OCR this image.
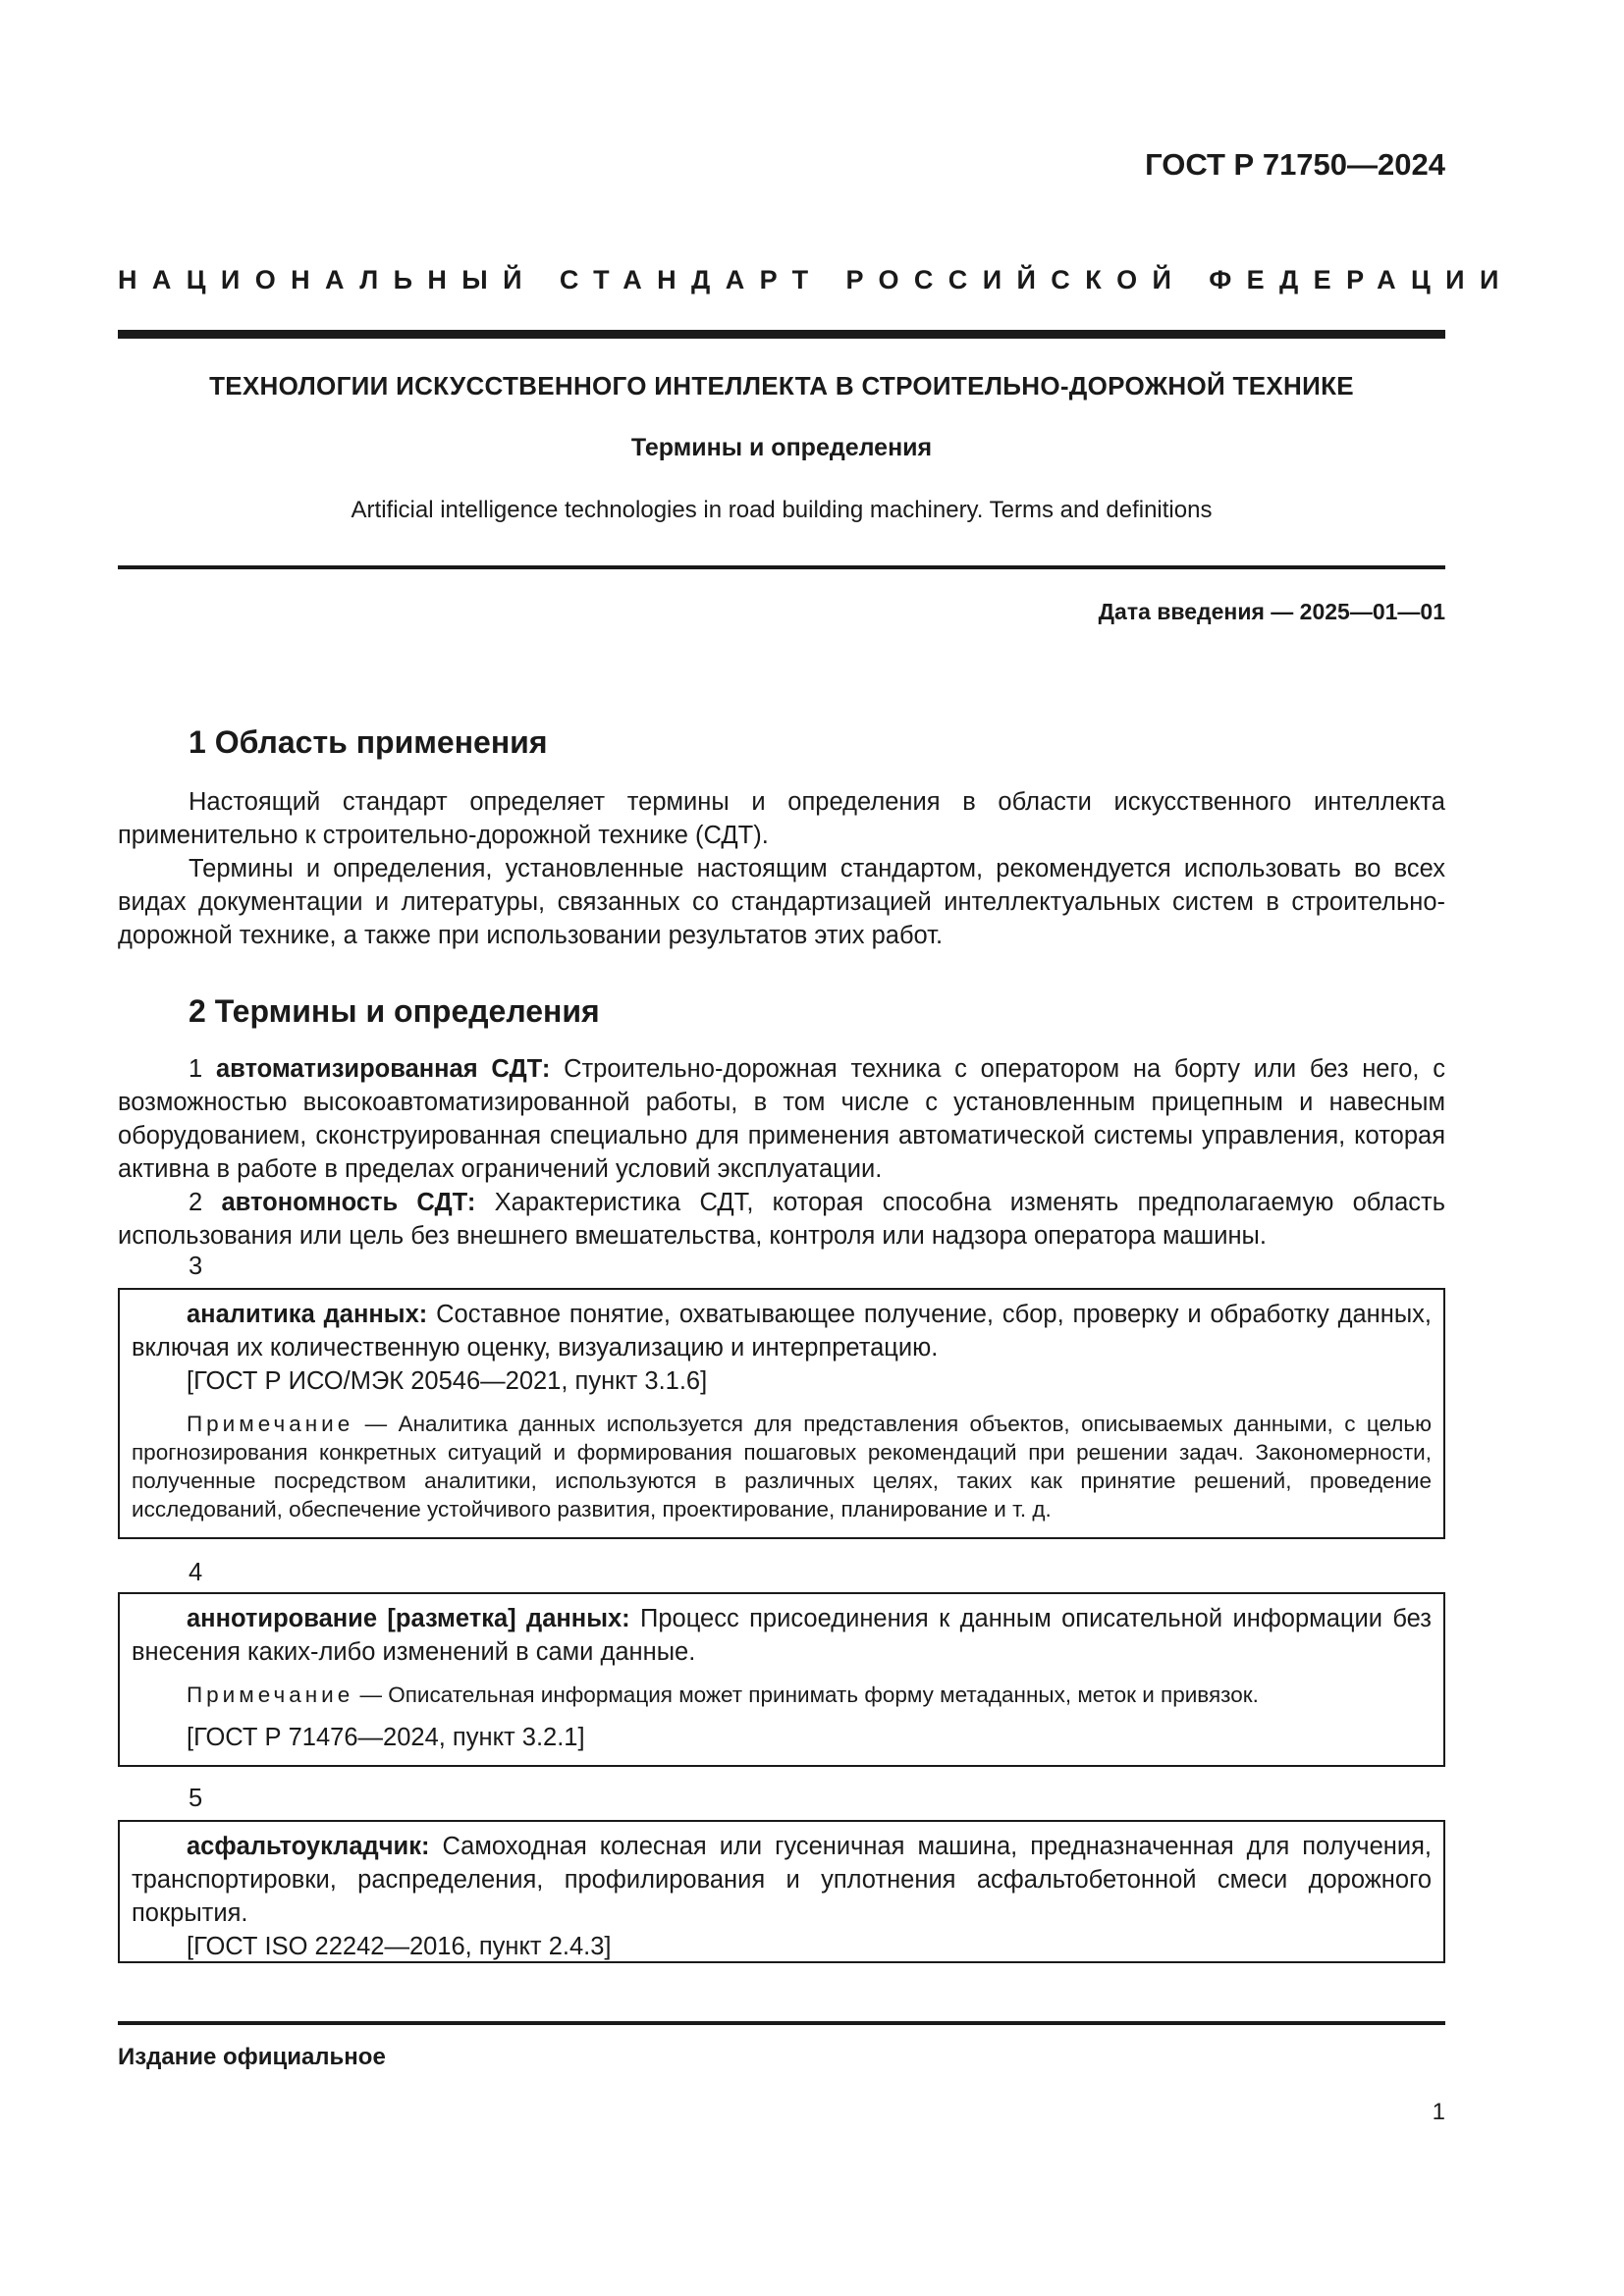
ГОСТ Р 71750—2024
НАЦИОНАЛЬНЫЙ СТАНДАРТ РОССИЙСКОЙ ФЕДЕРАЦИИ
ТЕХНОЛОГИИ ИСКУССТВЕННОГО ИНТЕЛЛЕКТА В СТРОИТЕЛЬНО-ДОРОЖНОЙ ТЕХНИКЕ
Термины и определения
Artificial intelligence technologies in road building machinery. Terms and definitions
Дата введения — 2025—01—01
1 Область применения

Настоящий стандарт определяет термины и определения в области искусственного интеллекта применительно к строительно-дорожной технике (СДТ).

Термины и определения, установленные настоящим стандартом, рекомендуется использовать во всех видах документации и литературы, связанных со стандартизацией интеллектуальных систем в строительно-дорожной технике, а также при использовании результатов этих работ.

2 Термины и определения

1 автоматизированная СДТ: Строительно-дорожная техника с оператором на борту или без него, с возможностью высокоавтоматизированной работы, в том числе с установленным прицепным и навесным оборудованием, сконструированная специально для применения автоматической системы управления, которая активна в работе в пределах ограничений условий эксплуатации.

2 автономность СДТ: Характеристика СДТ, которая способна изменять предполагаемую область использования или цель без внешнего вмешательства, контроля или надзора оператора машины.

3

аналитика данных: Составное понятие, охватывающее получение, сбор, проверку и обработку данных, включая их количественную оценку, визуализацию и интерпретацию.

[ГОСТ Р ИСО/МЭК 20546—2021, пункт 3.1.6]

Примечание — Аналитика данных используется для представления объектов, описываемых данными, с целью прогнозирования конкретных ситуаций и формирования пошаговых рекомендаций при решении задач. Закономерности, полученные посредством аналитики, используются в различных целях, таких как принятие решений, проведение исследований, обеспечение устойчивого развития, проектирование, планирование и т. д.

4

аннотирование [разметка] данных: Процесс присоединения к данным описательной информации без внесения каких-либо изменений в сами данные.

Примечание — Описательная информация может принимать форму метаданных, меток и привязок.

[ГОСТ Р 71476—2024, пункт 3.2.1]

5

асфальтоукладчик: Самоходная колесная или гусеничная машина, предназначенная для получения, транспортировки, распределения, профилирования и уплотнения асфальтобетонной смеси дорожного покрытия.

[ГОСТ ISO 22242—2016, пункт 2.4.3]

Издание официальное
1
